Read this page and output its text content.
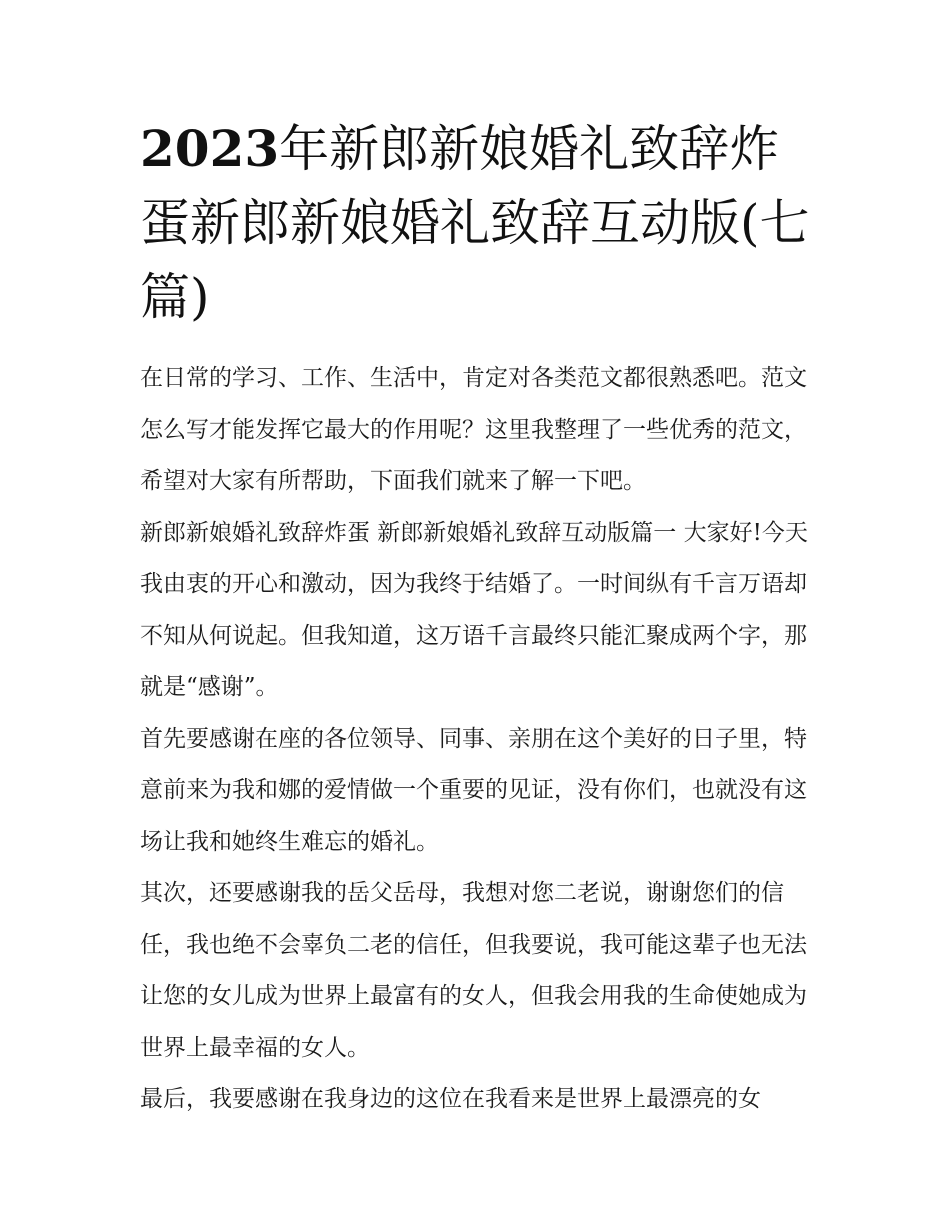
2023年新郎新娘婚礼致辞炸蛋新郎新娘婚礼致辞互动版(七篇)

在日常的学习、工作、生活中，肯定对各类范文都很熟悉吧。范文怎么写才能发挥它最大的作用呢？这里我整理了一些优秀的范文，希望对大家有所帮助，下面我们就来了解一下吧。

新郎新娘婚礼致辞炸蛋 新郎新娘婚礼致辞互动版篇一 大家好!今天我由衷的开心和激动，因为我终于结婚了。一时间纵有千言万语却不知从何说起。但我知道，这万语千言最终只能汇聚成两个字，那就是“感谢”。

首先要感谢在座的各位领导、同事、亲朋在这个美好的日子里，特意前来为我和娜的爱情做一个重要的见证，没有你们，也就没有这场让我和她终生难忘的婚礼。

其次，还要感谢我的岳父岳母，我想对您二老说，谢谢您们的信任，我也绝不会辜负二老的信任，但我要说，我可能这辈子也无法让您的女儿成为世界上最富有的女人，但我会用我的生命使她成为世界上最幸福的女人。

最后，我要感谢在我身边的这位在我看来是世界上最漂亮的女
